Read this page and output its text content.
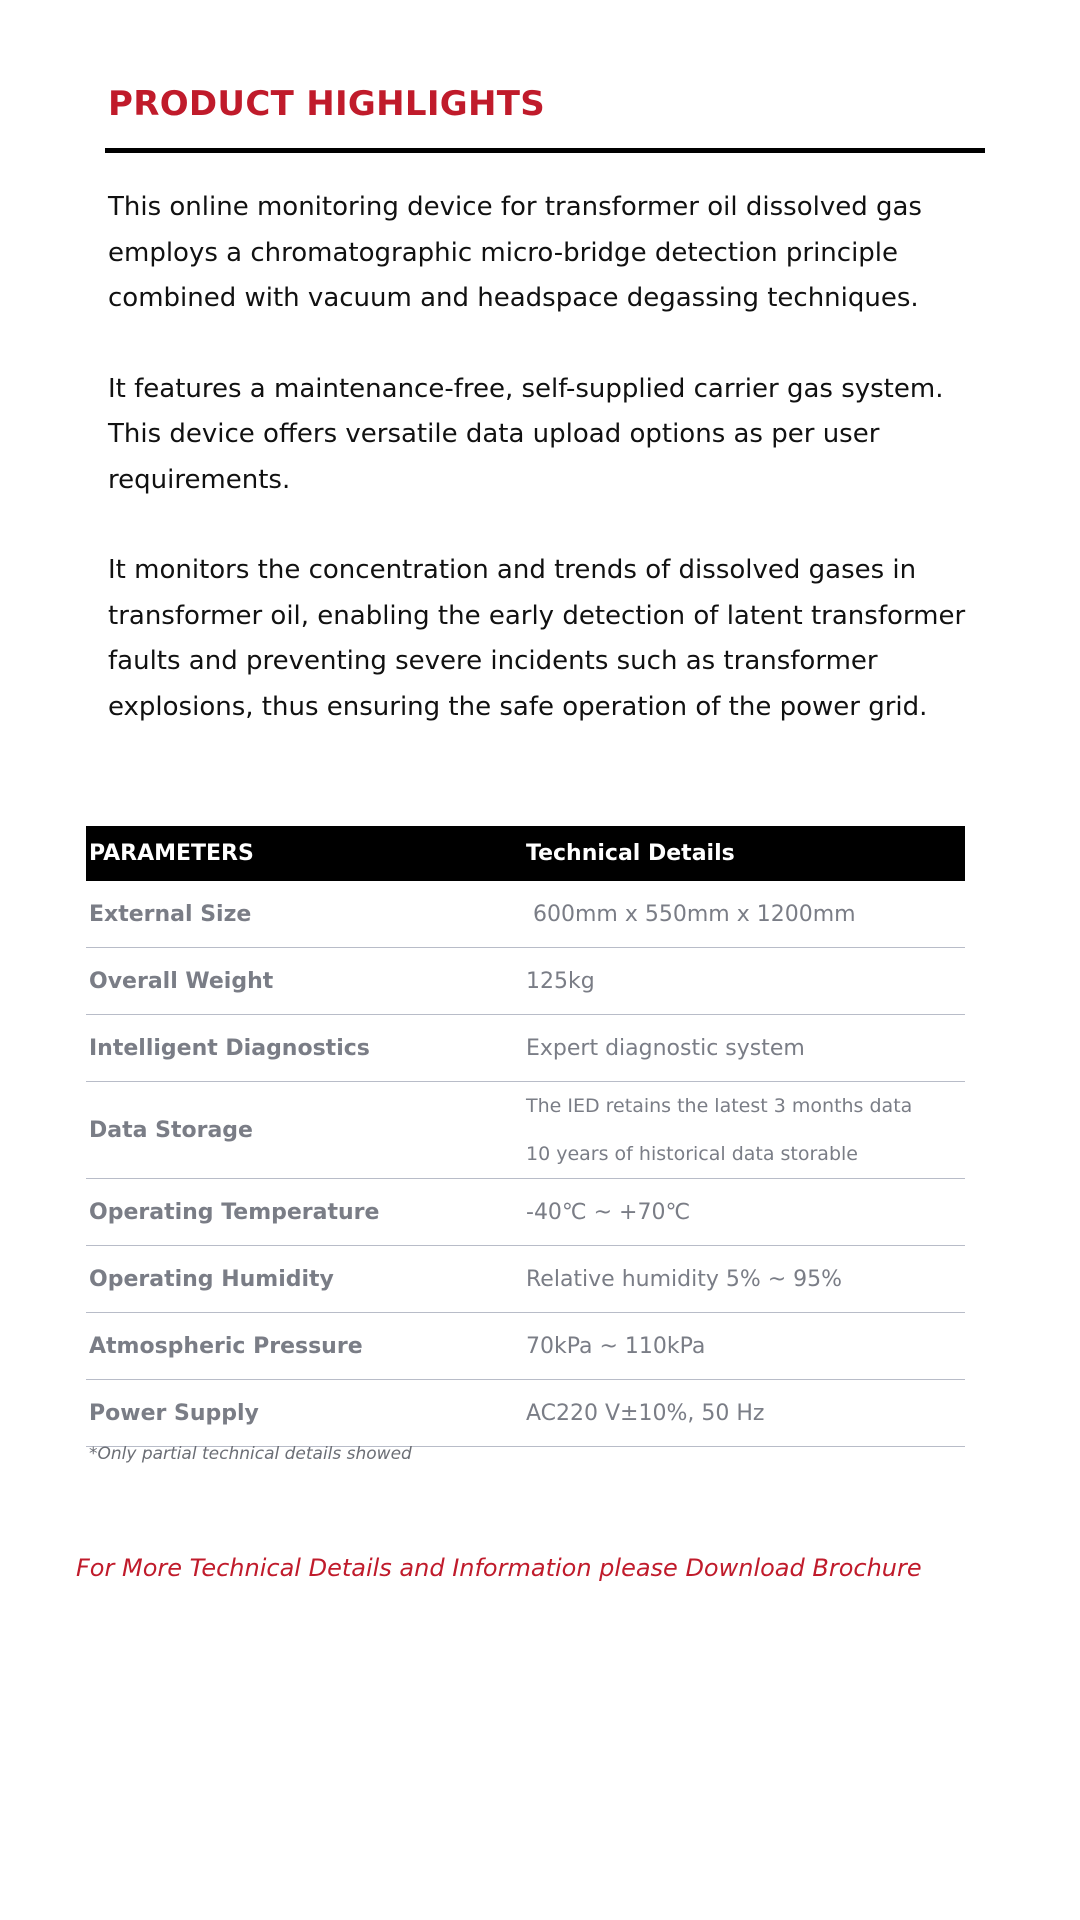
PRODUCT HIGHLIGHTS

This online monitoring device for transformer oil dissolved gas employs a chromatographic micro-bridge detection principle combined with vacuum and headspace degassing techniques.

It features a maintenance-free, self-supplied carrier gas system. This device offers versatile data upload options as per user requirements.

It monitors the concentration and trends of dissolved gases in transformer oil, enabling the early detection of latent transformer faults and preventing severe incidents such as transformer explosions, thus ensuring the safe operation of the power grid.

PARAMETERS	Technical Details
External Size	600mm x 550mm x 1200mm
Overall Weight	125kg
Intelligent Diagnostics	Expert diagnostic system
Data Storage	The IED retains the latest 3 months data
10 years of historical data storable

Operating Temperature	-40℃ ~ +70℃
Operating Humidity	Relative humidity 5% ~ 95%
Atmospheric Pressure	70kPa ~ 110kPa
Power Supply	AC220 V±10%, 50 Hz

*Only partial technical details showed

For More Technical Details and Information please Download Brochure
